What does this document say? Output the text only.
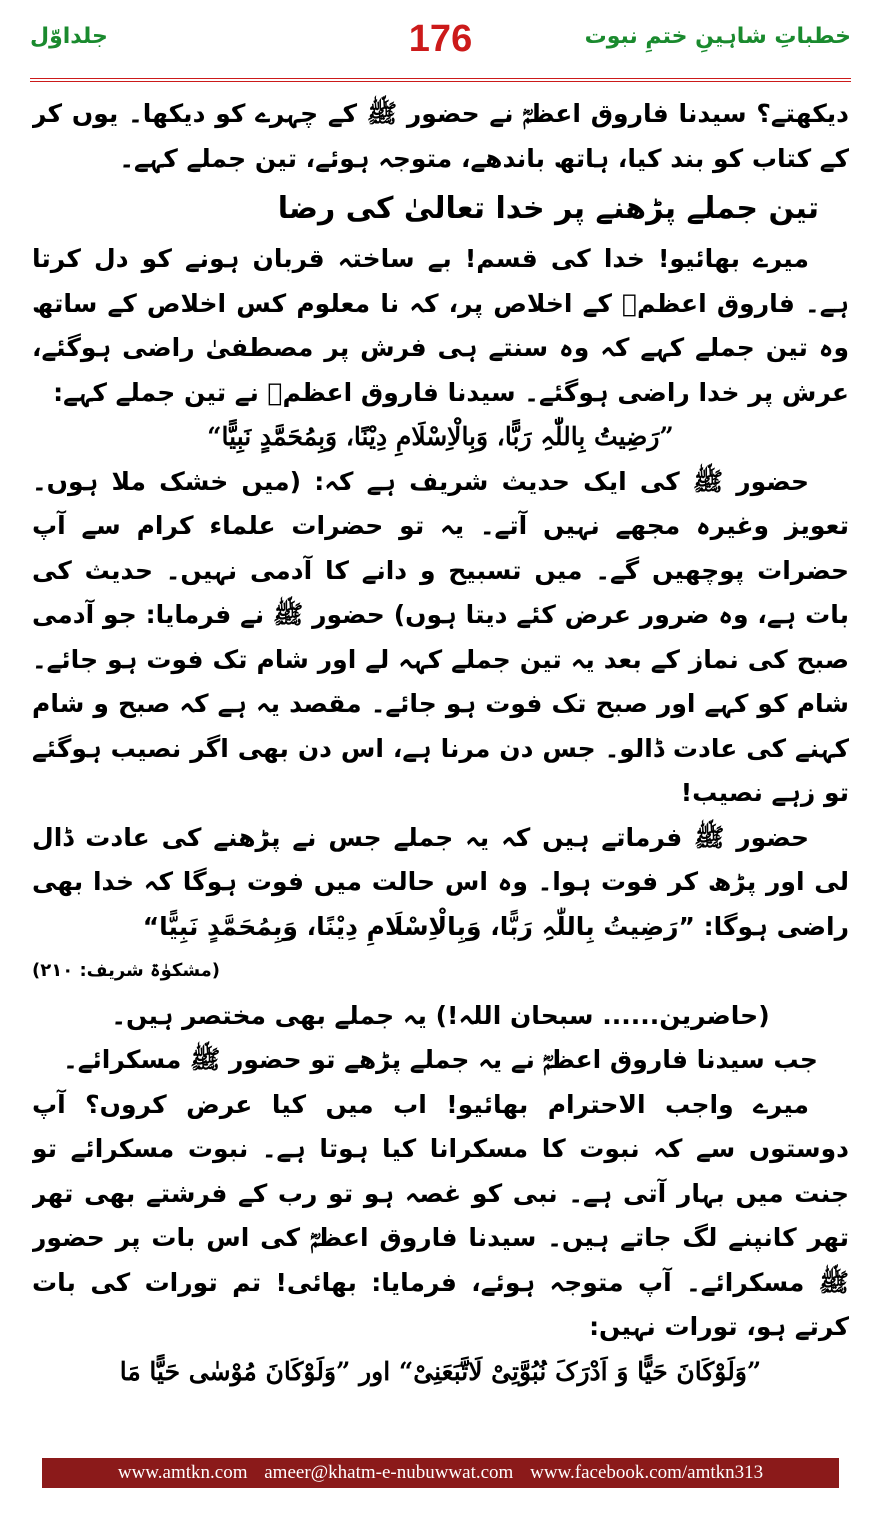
جلداوّل	176	خطباتِ شاہینِ ختمِ نبوت

دیکھتے؟ سیدنا فاروق اعظمؓ نے حضور ﷺ کے چہرے کو دیکھا۔ یوں کر کے کتاب کو بند کیا، ہاتھ باندھے، متوجہ ہوئے، تین جملے کہے۔

تین جملے پڑھنے پر خدا تعالیٰ کی رضا

میرے بھائیو! خدا کی قسم! بے ساختہ قربان ہونے کو دل کرتا ہے۔ فاروق اعظمؓ کے اخلاص پر، کہ نا معلوم کس اخلاص کے ساتھ وہ تین جملے کہے کہ وہ سنتے ہی فرش پر مصطفیٰ راضی ہوگئے، عرش پر خدا راضی ہوگئے۔ سیدنا فاروق اعظمؓ نے تین جملے کہے:

”رَضِیتُ بِاللّٰہِ رَبًّا، وَبِالْاِسْلَامِ دِیْنًا، وَبِمُحَمَّدٍ نَبِیًّا“

حضور ﷺ کی ایک حدیث شریف ہے کہ: (میں خشک ملا ہوں۔ تعویز وغیرہ مجھے نہیں آتے۔ یہ تو حضرات علماء کرام سے آپ حضرات پوچھیں گے۔ میں تسبیح و دانے کا آدمی نہیں۔ حدیث کی بات ہے، وہ ضرور عرض کئے دیتا ہوں) حضور ﷺ نے فرمایا: جو آدمی صبح کی نماز کے بعد یہ تین جملے کہہ لے اور شام تک فوت ہو جائے۔ شام کو کہے اور صبح تک فوت ہو جائے۔ مقصد یہ ہے کہ صبح و شام کہنے کی عادت ڈالو۔ جس دن مرنا ہے، اس دن بھی اگر نصیب ہوگئے تو زہے نصیب!

حضور ﷺ فرماتے ہیں کہ یہ جملے جس نے پڑھنے کی عادت ڈال لی اور پڑھ کر فوت ہوا۔ وہ اس حالت میں فوت ہوگا کہ خدا بھی راضی ہوگا: ”رَضِیتُ بِاللّٰہِ رَبًّا، وَبِالْاِسْلَامِ دِیْنًا، وَبِمُحَمَّدٍ نَبِیًّا“

(مشکوٰۃ شریف: ۲۱۰)

(حاضرین...... سبحان اللہ!) یہ جملے بھی مختصر ہیں۔

جب سیدنا فاروق اعظمؓ نے یہ جملے پڑھے تو حضور ﷺ مسکرائے۔

میرے واجب الاحترام بھائیو! اب میں کیا عرض کروں؟ آپ دوستوں سے کہ نبوت کا مسکرانا کیا ہوتا ہے۔ نبوت مسکرائے تو جنت میں بہار آتی ہے۔ نبی کو غصہ ہو تو رب کے فرشتے بھی تھر تھر کانپنے لگ جاتے ہیں۔ سیدنا فاروق اعظمؓ کی اس بات پر حضور ﷺ مسکرائے۔ آپ متوجہ ہوئے، فرمایا: بھائی! تم تورات کی بات کرتے ہو، تورات نہیں:

”وَلَوْکَانَ حَیًّا وَ اَدْرَکَ نُبُوَّتِیْ لَاتَّبَعَنِیْ“ اور ”وَلَوْکَانَ مُوْسٰی حَیًّا مَا

www.amtkn.com ameer@khatm-e-nubuwwat.com www.facebook.com/amtkn313
